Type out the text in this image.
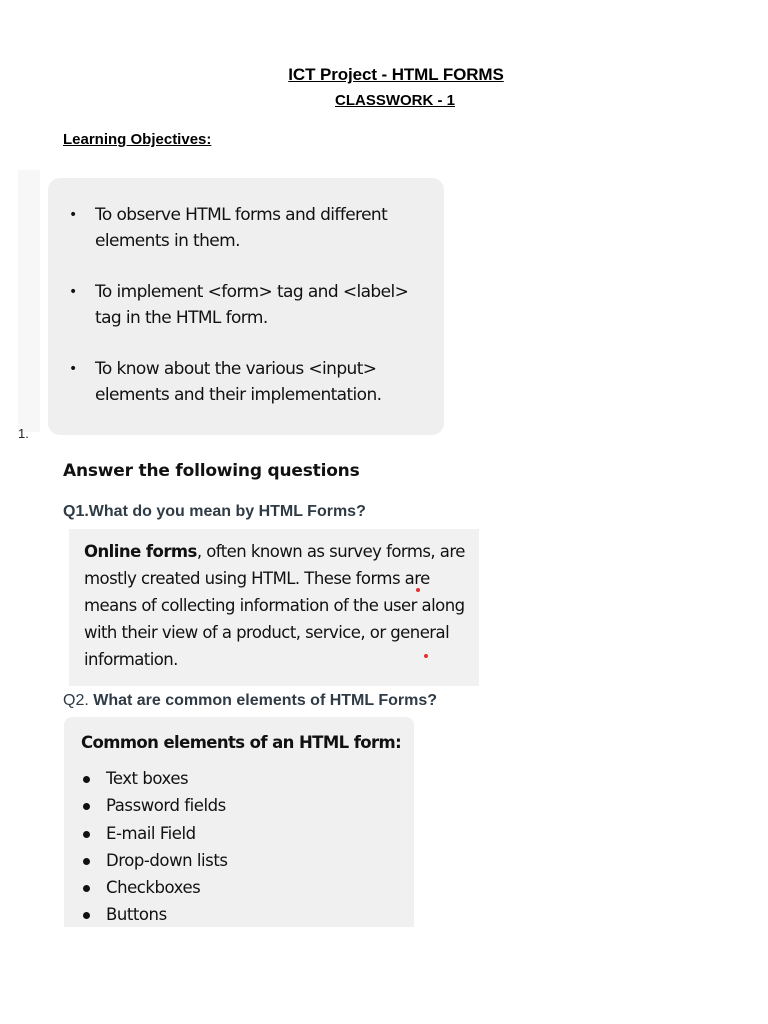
ICT Project - HTML FORMS
CLASSWORK - 1
Learning Objectives:
• To observe HTML forms and different elements in them.
• To implement <form> tag and <label> tag in the HTML form.
• To know about the various <input> elements and their implementation.
1.
Answer the following questions
Q1.What do you mean by HTML Forms?
Online forms, often known as survey forms, are mostly created using HTML. These forms are means of collecting information of the user along with their view of a product, service, or general information.
Q2. What are common elements of HTML Forms?
Common elements of an HTML form:
Text boxes
Password fields
E-mail Field
Drop-down lists
Checkboxes
Buttons
